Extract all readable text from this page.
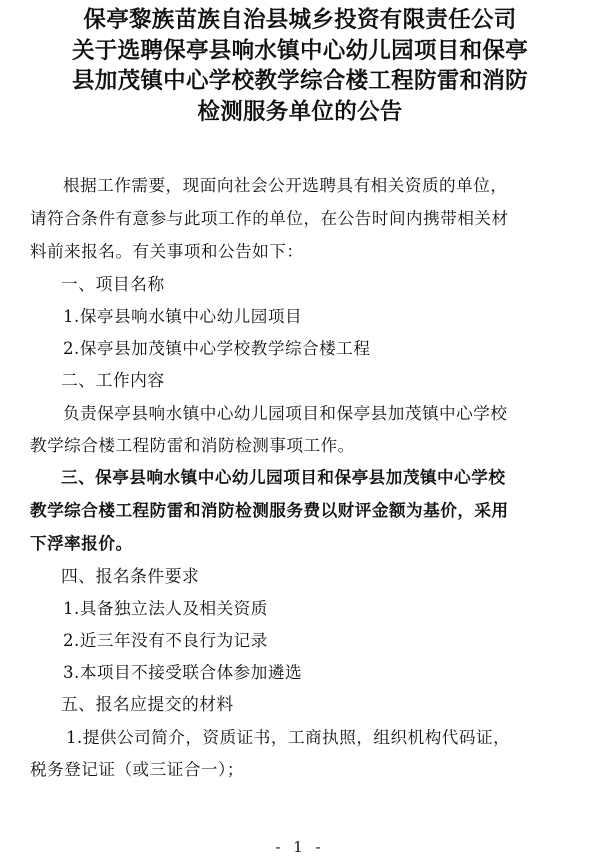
保亭黎族苗族自治县城乡投资有限责任公司
关于选聘保亭县响水镇中心幼儿园项目和保亭
县加茂镇中心学校教学综合楼工程防雷和消防
检测服务单位的公告

根据工作需要，现面向社会公开选聘具有相关资质的单位，

请符合条件有意参与此项工作的单位，在公告时间内携带相关材

料前来报名。有关事项和公告如下：

一、项目名称

1.保亭县响水镇中心幼儿园项目

2.保亭县加茂镇中心学校教学综合楼工程

二、工作内容

负责保亭县响水镇中心幼儿园项目和保亭县加茂镇中心学校

教学综合楼工程防雷和消防检测事项工作。

三、保亭县响水镇中心幼儿园项目和保亭县加茂镇中心学校

教学综合楼工程防雷和消防检测服务费以财评金额为基价，采用

下浮率报价。

四、报名条件要求

1.具备独立法人及相关资质

2.近三年没有不良行为记录

3.本项目不接受联合体参加遴选

五、报名应提交的材料

1.提供公司简介，资质证书，工商执照，组织机构代码证，

税务登记证（或三证合一）；

- 1 -
